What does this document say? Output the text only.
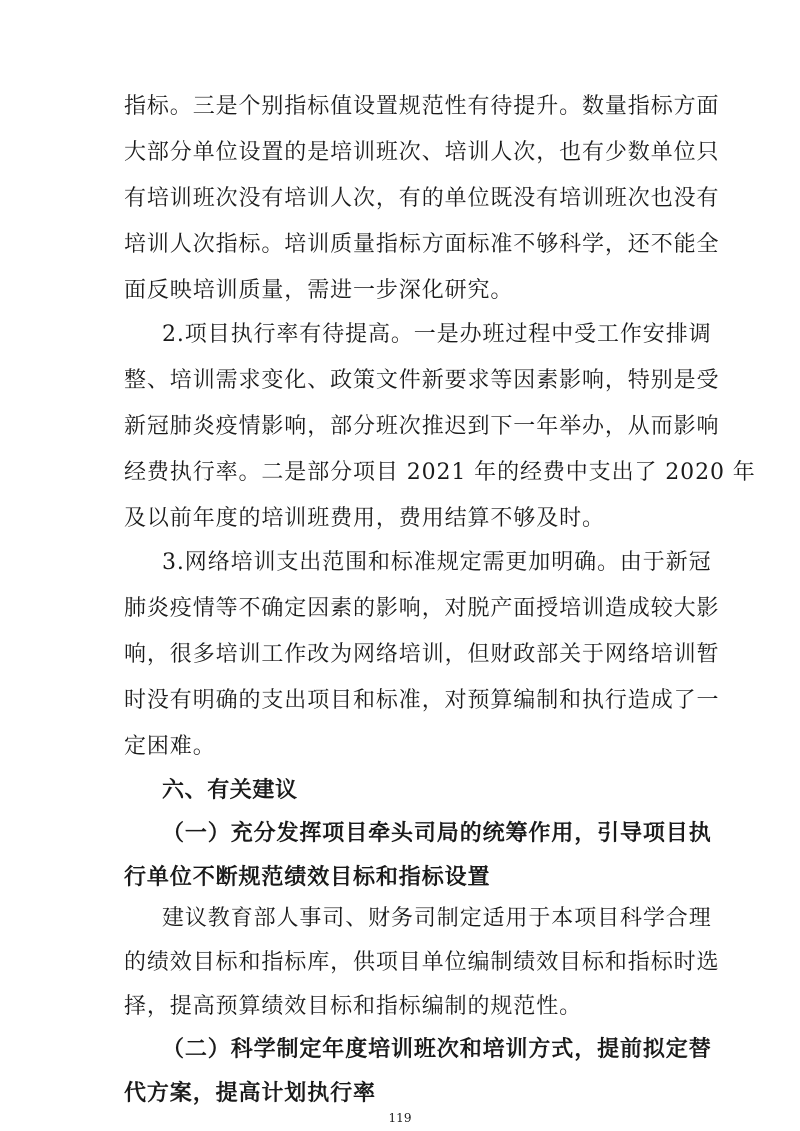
指标。三是个别指标值设置规范性有待提升。数量指标方面
大部分单位设置的是培训班次、培训人次，也有少数单位只
有培训班次没有培训人次，有的单位既没有培训班次也没有
培训人次指标。培训质量指标方面标准不够科学，还不能全
面反映培训质量，需进一步深化研究。
2.项目执行率有待提高。一是办班过程中受工作安排调
整、培训需求变化、政策文件新要求等因素影响，特别是受
新冠肺炎疫情影响，部分班次推迟到下一年举办，从而影响
经费执行率。二是部分项目 2021 年的经费中支出了 2020 年
及以前年度的培训班费用，费用结算不够及时。
3.网络培训支出范围和标准规定需更加明确。由于新冠
肺炎疫情等不确定因素的影响，对脱产面授培训造成较大影
响，很多培训工作改为网络培训，但财政部关于网络培训暂
时没有明确的支出项目和标准，对预算编制和执行造成了一
定困难。
六、有关建议
（一）充分发挥项目牵头司局的统筹作用，引导项目执
行单位不断规范绩效目标和指标设置
建议教育部人事司、财务司制定适用于本项目科学合理
的绩效目标和指标库，供项目单位编制绩效目标和指标时选
择，提高预算绩效目标和指标编制的规范性。
（二）科学制定年度培训班次和培训方式，提前拟定替
代方案，提高计划执行率
119
